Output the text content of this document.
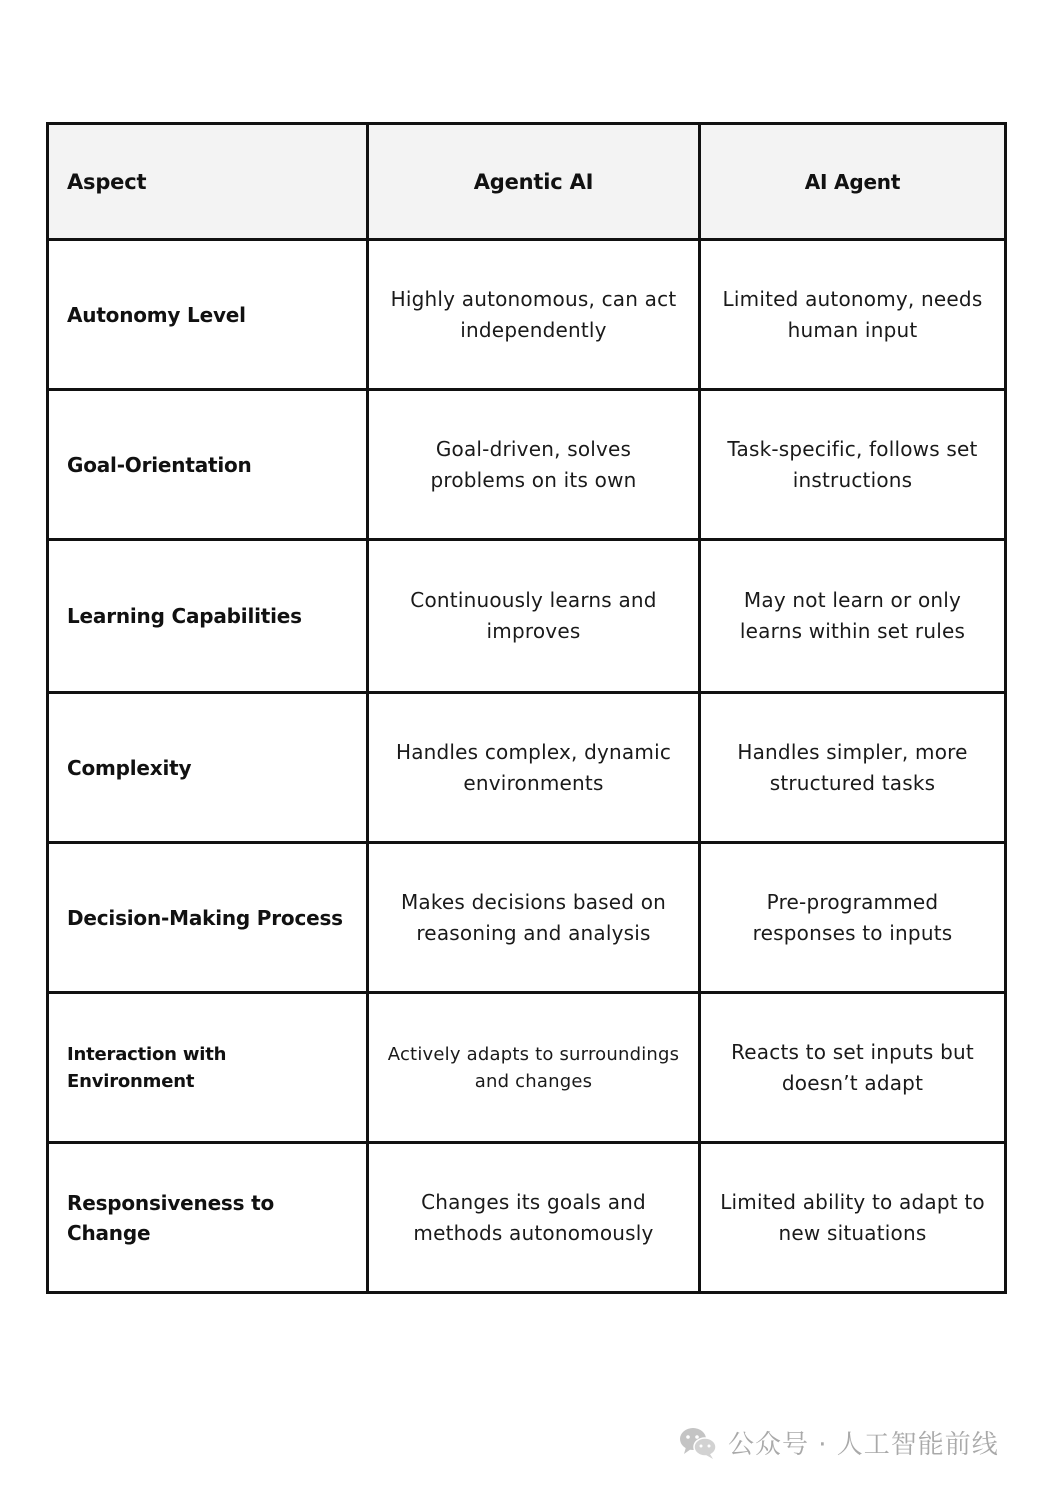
Aspect	Agentic AI	AI Agent
Autonomy Level	Highly autonomous, can act independently	Limited autonomy, needs human input
Goal-Orientation	Goal-driven, solves problems on its own	Task-specific, follows set instructions
Learning Capabilities	Continuously learns and improves	May not learn or only learns within set rules
Complexity	Handles complex, dynamic environments	Handles simpler, more structured tasks
Decision-Making Process	Makes decisions based on reasoning and analysis	Pre-programmed responses to inputs
Interaction with Environment	Actively adapts to surroundings and changes	Reacts to set inputs but doesn’t adapt
Responsiveness to Change	Changes its goals and methods autonomously	Limited ability to adapt to new situations
公众号 · 人工智能前线
